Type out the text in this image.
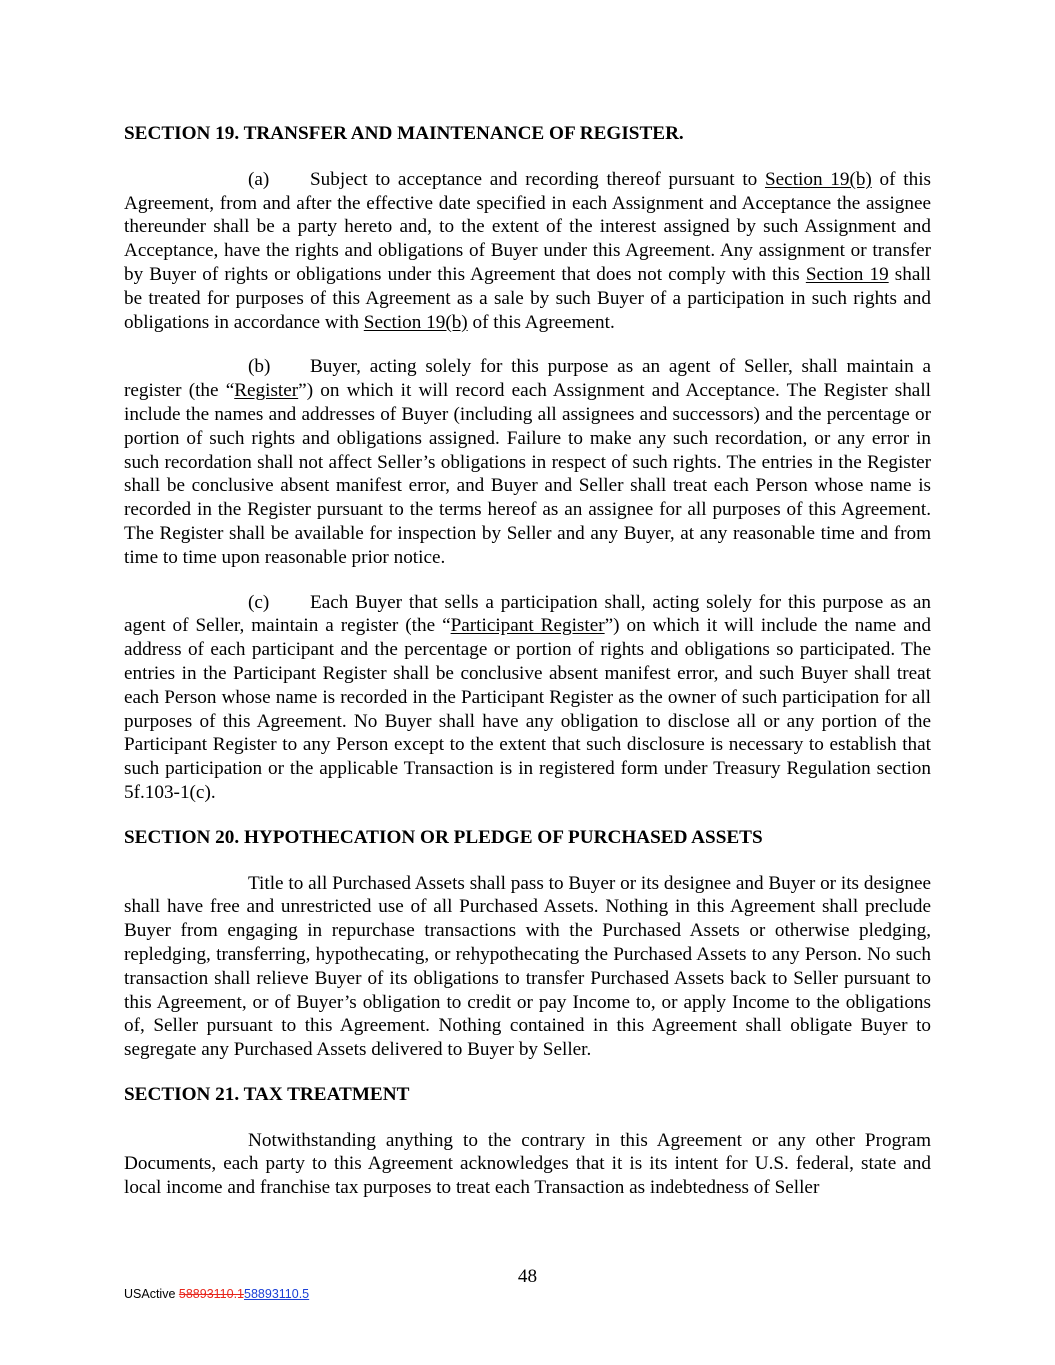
SECTION 19. TRANSFER AND MAINTENANCE OF REGISTER.

(a) Subject to acceptance and recording thereof pursuant to Section 19(b) of this Agreement, from and after the effective date specified in each Assignment and Acceptance the assignee thereunder shall be a party hereto and, to the extent of the interest assigned by such Assignment and Acceptance, have the rights and obligations of Buyer under this Agreement. Any assignment or transfer by Buyer of rights or obligations under this Agreement that does not comply with this Section 19 shall be treated for purposes of this Agreement as a sale by such Buyer of a participation in such rights and obligations in accordance with Section 19(b) of this Agreement.

(b) Buyer, acting solely for this purpose as an agent of Seller, shall maintain a register (the “Register”) on which it will record each Assignment and Acceptance. The Register shall include the names and addresses of Buyer (including all assignees and successors) and the percentage or portion of such rights and obligations assigned. Failure to make any such recordation, or any error in such recordation shall not affect Seller’s obligations in respect of such rights. The entries in the Register shall be conclusive absent manifest error, and Buyer and Seller shall treat each Person whose name is recorded in the Register pursuant to the terms hereof as an assignee for all purposes of this Agreement. The Register shall be available for inspection by Seller and any Buyer, at any reasonable time and from time to time upon reasonable prior notice.

(c) Each Buyer that sells a participation shall, acting solely for this purpose as an agent of Seller, maintain a register (the “Participant Register”) on which it will include the name and address of each participant and the percentage or portion of rights and obligations so participated. The entries in the Participant Register shall be conclusive absent manifest error, and such Buyer shall treat each Person whose name is recorded in the Participant Register as the owner of such participation for all purposes of this Agreement. No Buyer shall have any obligation to disclose all or any portion of the Participant Register to any Person except to the extent that such disclosure is necessary to establish that such participation or the applicable Transaction is in registered form under Treasury Regulation section 5f.103-1(c).

SECTION 20. HYPOTHECATION OR PLEDGE OF PURCHASED ASSETS

Title to all Purchased Assets shall pass to Buyer or its designee and Buyer or its designee shall have free and unrestricted use of all Purchased Assets. Nothing in this Agreement shall preclude Buyer from engaging in repurchase transactions with the Purchased Assets or otherwise pledging, repledging, transferring, hypothecating, or rehypothecating the Purchased Assets to any Person. No such transaction shall relieve Buyer of its obligations to transfer Purchased Assets back to Seller pursuant to this Agreement, or of Buyer’s obligation to credit or pay Income to, or apply Income to the obligations of, Seller pursuant to this Agreement. Nothing contained in this Agreement shall obligate Buyer to segregate any Purchased Assets delivered to Buyer by Seller.

SECTION 21. TAX TREATMENT

Notwithstanding anything to the contrary in this Agreement or any other Program Documents, each party to this Agreement acknowledges that it is its intent for U.S. federal, state and local income and franchise tax purposes to treat each Transaction as indebtedness of Seller

48
USActive 58893110.158893110.5
